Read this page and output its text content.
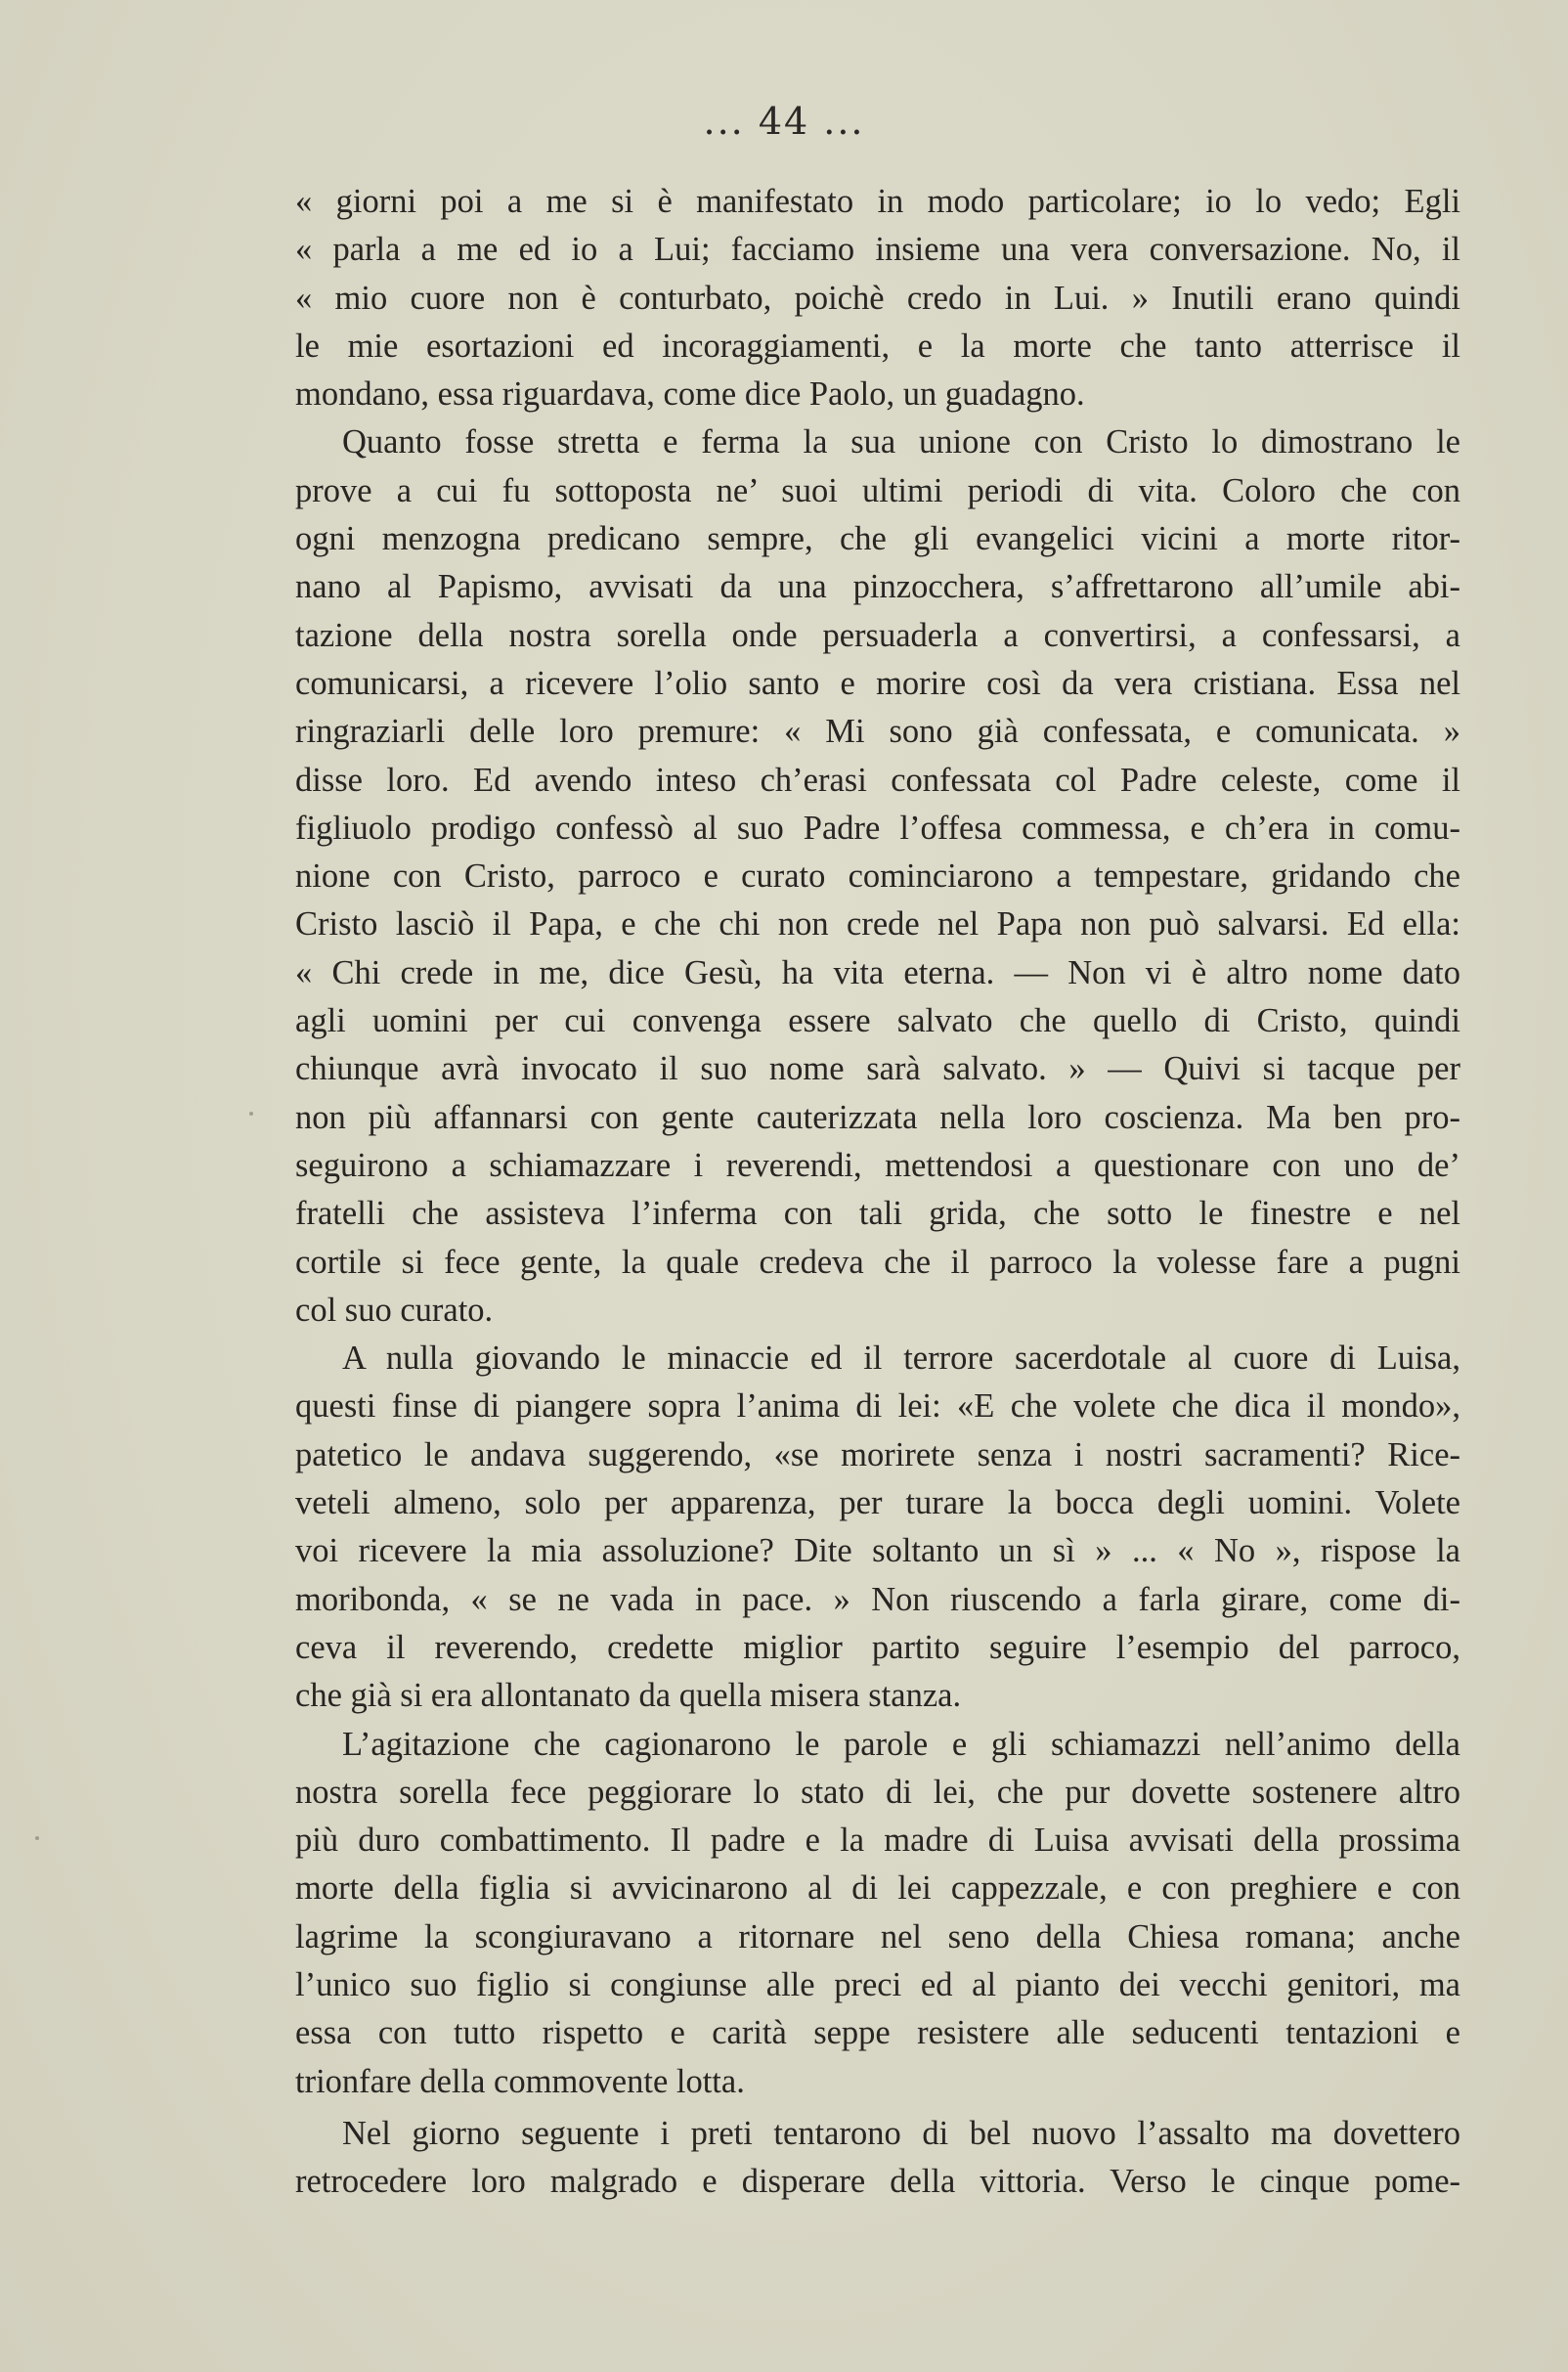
... 44 ...
« giorni poi a me si è manifestato in modo particolare; io lo vedo; Egli
« parla a me ed io a Lui; facciamo insieme una vera conversazione. No, il
« mio cuore non è conturbato, poichè credo in Lui. » Inutili erano quindi
le mie esortazioni ed incoraggiamenti, e la morte che tanto atterrisce il
mondano, essa riguardava, come dice Paolo, un guadagno.
Quanto fosse stretta e ferma la sua unione con Cristo lo dimostrano le
prove a cui fu sottoposta ne’ suoi ultimi periodi di vita. Coloro che con
ogni menzogna predicano sempre, che gli evangelici vicini a morte ritor-
nano al Papismo, avvisati da una pinzocchera, s’affrettarono all’umile abi-
tazione della nostra sorella onde persuaderla a convertirsi, a confessarsi, a
comunicarsi, a ricevere l’olio santo e morire così da vera cristiana. Essa nel
ringraziarli delle loro premure: « Mi sono già confessata, e comunicata. »
disse loro. Ed avendo inteso ch’erasi confessata col Padre celeste, come il
figliuolo prodigo confessò al suo Padre l’offesa commessa, e ch’era in comu-
nione con Cristo, parroco e curato cominciarono a tempestare, gridando che
Cristo lasciò il Papa, e che chi non crede nel Papa non può salvarsi. Ed ella:
« Chi crede in me, dice Gesù, ha vita eterna. — Non vi è altro nome dato
agli uomini per cui convenga essere salvato che quello di Cristo, quindi
chiunque avrà invocato il suo nome sarà salvato. » — Quivi si tacque per
non più affannarsi con gente cauterizzata nella loro coscienza. Ma ben pro-
seguirono a schiamazzare i reverendi, mettendosi a questionare con uno de’
fratelli che assisteva l’inferma con tali grida, che sotto le finestre e nel
cortile si fece gente, la quale credeva che il parroco la volesse fare a pugni
col suo curato.
A nulla giovando le minaccie ed il terrore sacerdotale al cuore di Luisa,
questi finse di piangere sopra l’anima di lei: «E che volete che dica il mondo»,
patetico le andava suggerendo, «se morirete senza i nostri sacramenti? Rice-
veteli almeno, solo per apparenza, per turare la bocca degli uomini. Volete
voi ricevere la mia assoluzione? Dite soltanto un sì » ... « No », rispose la
moribonda, « se ne vada in pace. » Non riuscendo a farla girare, come di-
ceva il reverendo, credette miglior partito seguire l’esempio del parroco,
che già si era allontanato da quella misera stanza.
L’agitazione che cagionarono le parole e gli schiamazzi nell’animo della
nostra sorella fece peggiorare lo stato di lei, che pur dovette sostenere altro
più duro combattimento. Il padre e la madre di Luisa avvisati della prossima
morte della figlia si avvicinarono al di lei cappezzale, e con preghiere e con
lagrime la scongiuravano a ritornare nel seno della Chiesa romana; anche
l’unico suo figlio si congiunse alle preci ed al pianto dei vecchi genitori, ma
essa con tutto rispetto e carità seppe resistere alle seducenti tentazioni e
trionfare della commovente lotta.
Nel giorno seguente i preti tentarono di bel nuovo l’assalto ma dovettero
retrocedere loro malgrado e disperare della vittoria. Verso le cinque pome-
